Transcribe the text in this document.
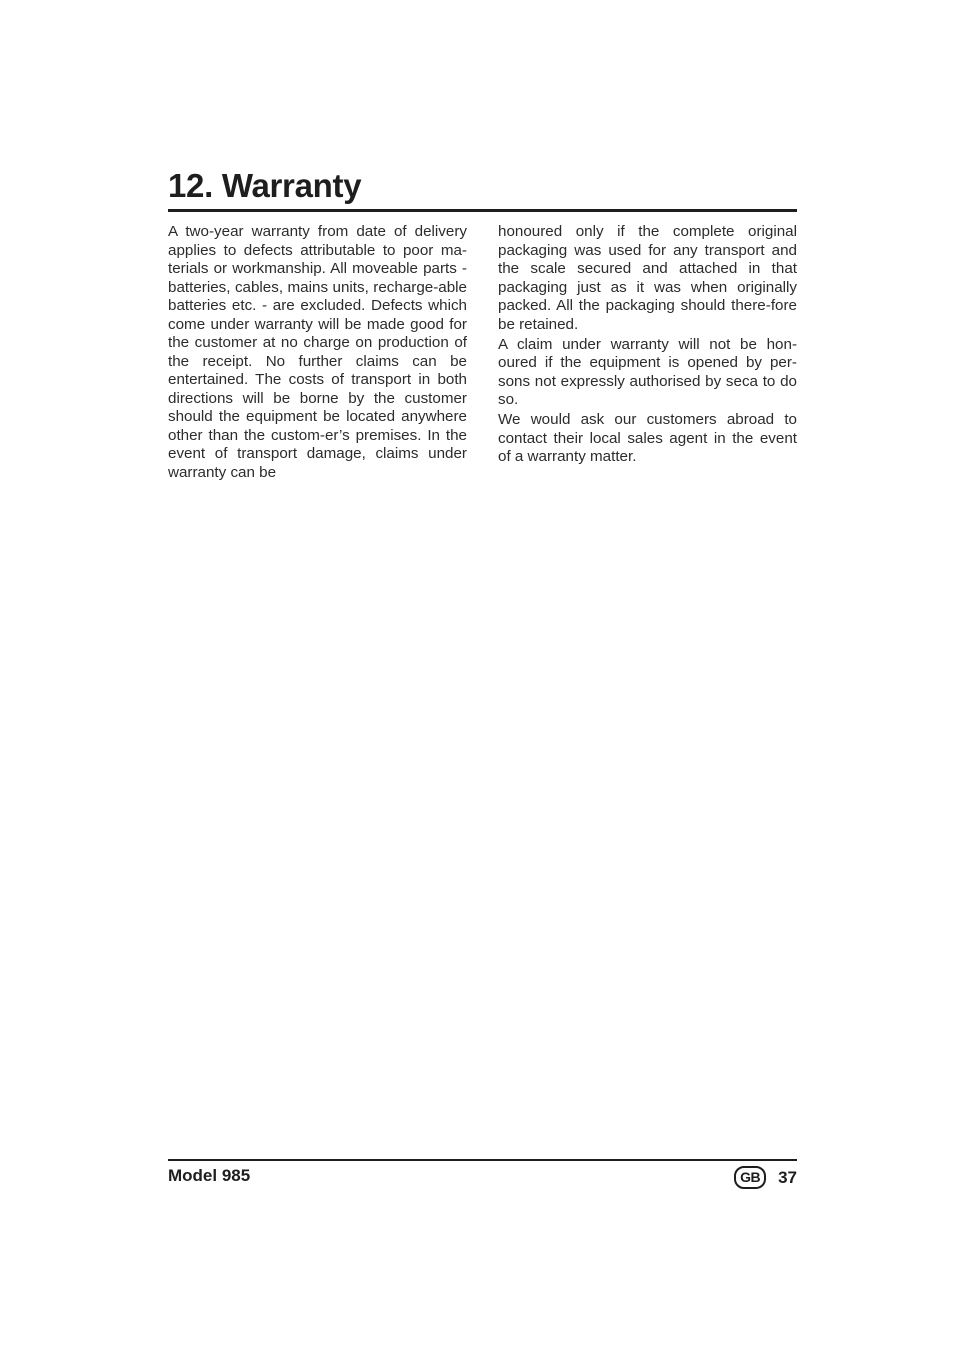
12. Warranty

A two-year warranty from date of delivery applies to defects attributable to poor ma-terials or workmanship. All moveable parts - batteries, cables, mains units, recharge-able batteries etc. - are excluded. Defects which come under warranty will be made good for the customer at no charge on production of the receipt. No further claims can be entertained. The costs of transport in both directions will be borne by the customer should the equipment be located anywhere other than the custom-er’s premises. In the event of transport damage, claims under warranty can be

honoured only if the complete original packaging was used for any transport and the scale secured and attached in that packaging just as it was when originally packed. All the packaging should there-fore be retained.

A claim under warranty will not be hon-oured if the equipment is opened by per-sons not expressly authorised by seca to do so.

We would ask our customers abroad to contact their local sales agent in the event of a warranty matter.

Model 985	GB	37
